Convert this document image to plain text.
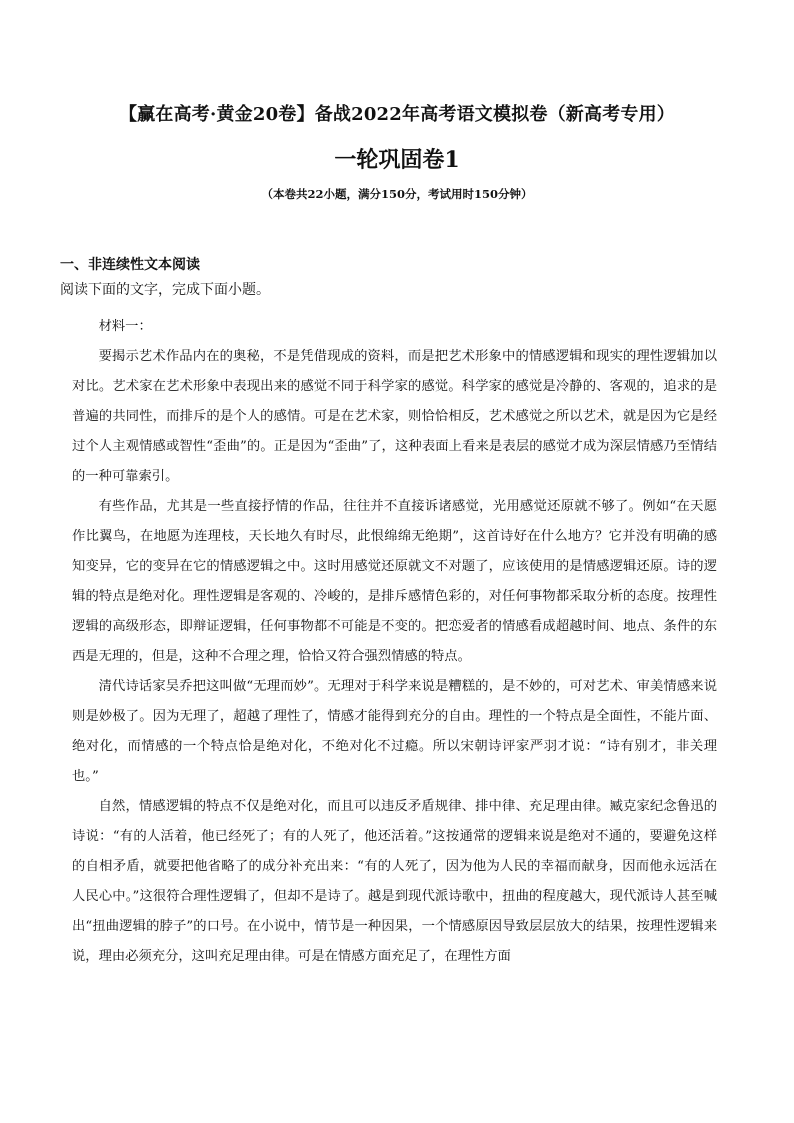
【赢在高考·黄金20卷】备战2022年高考语文模拟卷（新高考专用）
一轮巩固卷1
（本卷共22小题，满分150分，考试用时150分钟）
一、非连续性文本阅读
阅读下面的文字，完成下面小题。

材料一：

要揭示艺术作品内在的奥秘，不是凭借现成的资料，而是把艺术形象中的情感逻辑和现实的理性逻辑加以对比。艺术家在艺术形象中表现出来的感觉不同于科学家的感觉。科学家的感觉是冷静的、客观的，追求的是普遍的共同性，而排斥的是个人的感情。可是在艺术家，则恰恰相反，艺术感觉之所以艺术，就是因为它是经过个人主观情感或智性“歪曲”的。正是因为“歪曲”了，这种表面上看来是表层的感觉才成为深层情感乃至情结的一种可靠索引。

有些作品，尤其是一些直接抒情的作品，往往并不直接诉诸感觉，光用感觉还原就不够了。例如“在天愿作比翼鸟，在地愿为连理枝，天长地久有时尽，此恨绵绵无绝期”，这首诗好在什么地方？它并没有明确的感知变异，它的变异在它的情感逻辑之中。这时用感觉还原就文不对题了，应该使用的是情感逻辑还原。诗的逻辑的特点是绝对化。理性逻辑是客观的、冷峻的，是排斥感情色彩的，对任何事物都采取分析的态度。按理性逻辑的高级形态，即辩证逻辑，任何事物都不可能是不变的。把恋爱者的情感看成超越时间、地点、条件的东西是无理的，但是，这种不合理之理，恰恰又符合强烈情感的特点。

清代诗话家吴乔把这叫做“无理而妙”。无理对于科学来说是糟糕的，是不妙的，可对艺术、审美情感来说则是妙极了。因为无理了，超越了理性了，情感才能得到充分的自由。理性的一个特点是全面性，不能片面、绝对化，而情感的一个特点恰是绝对化，不绝对化不过瘾。所以宋朝诗评家严羽才说：“诗有别才，非关理也。”

自然，情感逻辑的特点不仅是绝对化，而且可以违反矛盾规律、排中律、充足理由律。臧克家纪念鲁迅的诗说：“有的人活着，他已经死了；有的人死了，他还活着。”这按通常的逻辑来说是绝对不通的，要避免这样的自相矛盾，就要把他省略了的成分补充出来：“有的人死了，因为他为人民的幸福而献身，因而他永远活在人民心中。”这很符合理性逻辑了，但却不是诗了。越是到现代派诗歌中，扭曲的程度越大，现代派诗人甚至喊出“扭曲逻辑的脖子”的口号。在小说中，情节是一种因果，一个情感原因导致层层放大的结果，按理性逻辑来说，理由必须充分，这叫充足理由律。可是在情感方面充足了，在理性方面
